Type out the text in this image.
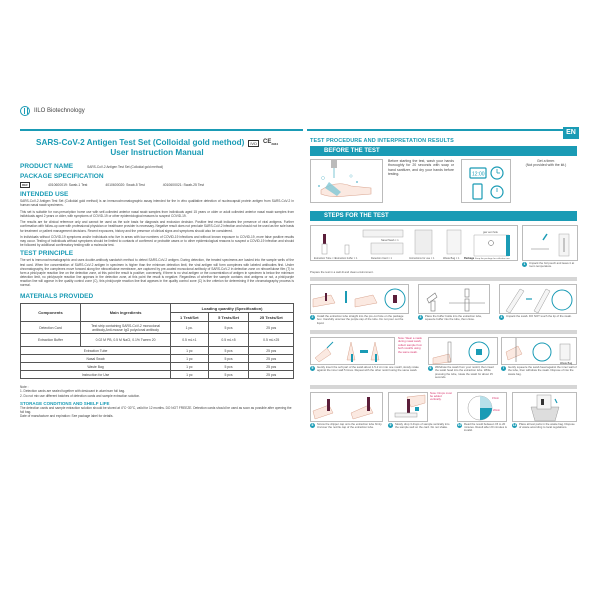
IILO Biotechnology
EN
SARS-CoV-2 Antigen Test Set (Colloidal gold method)	IVD	$CE_{2934}$
User Instruction Manual
PRODUCT NAME	SARS-CoV-2 Antigen Test Set (Colloidal gold method)
PACKAGE SPECIFICATION
REF	4010600019: Swab-1 Test	4010600020: Swab-5 Test	4010600021: Swab-25 Test
INTENDED USE

SARS-CoV-2 Antigen Test Set (Colloidal gold method) is an immunochromatographic assay intended for the in vitro qualitative detection of nucleocapsid protein antigen from SARS-CoV-2 in human nasal swab specimens.

This set is suitable for non-prescription home use with self-collected anterior nasal swab samples from individuals aged 15 years or older or adult collected anterior nasal swab samples from individuals aged 2 years or older, with symptoms of COVID-19 or other epidemiological reasons to suspect COVID-19.

The results are for clinical reference only and cannot be used as the sole basis for diagnosis and exclusion decision. Positive test result indicates the presence of viral antigens. Further confirmation with follow-up care with professional physician or healthcare provider is necessary. Negative result does not preclude SARS-CoV-2 infection and should not be used as the sole basis for treatment or patient management decisions. Recent exposures, history and the presence of clinical signs and symptoms should also be considered.

In individuals without COVID-19 symptoms and/or individuals who live in areas with low numbers of COVID-19 infections and without known exposure to COVID-19, more false positive results may occur. Testing of individuals without symptoms should be limited to contacts of confirmed or probable cases or to other epidemiological reasons to suspect a COVID-19 infection and should be followed by additional confirmatory testing with a molecular test.

TEST PRINCIPLE

The set is immunochromatographic and uses double-antibody sandwich method to detect SARS-CoV-2 antigen. During detection, the treated specimens are loaded into the sample wells of the test card. When the concentration of SARS-CoV-2 antigen in specimen is higher than the minimum detection limit, the viral antigen will form complexes with labeled antibodies first. Under chromatography, the complexes move forward along the nitrocellulose membrane, are captured by pre-coated monoclonal antibody of SARS-CoV-2 in detection zone on nitrocellulose film (T) to form a pink/purple reaction line on the detection zone, at this point the result is positive; conversely, if there is no viral antigen or the concentration of antigen in specimen is below the minimum detection limit, no pink/purple reaction line appears in the detection zone, at this point the result is negative. Regardless of whether the sample contains viral antigens or not, a pink/purple reaction line will appear in the quality control zone (C), this pink/purple reaction line that appears in the quality control zone (C) is the criterion for determining if the chromatography process is normal.

MATERIALS PROVIDED
Components	Main Ingredients	Loading quantity (Specification)		
		1 Test/Set	5 Tests/Set	25 Tests/Set
Detection Card	Test strip containing SARS-CoV-2 monoclonal antibody,Anti-mouse IgG polyclonal antibody	1 pc.	5 pcs	25 pcs
Extraction Buffer	0.02 M PB, 0.5 M NaCl, 0.1% Tween 20	0.5 mL×1	0.5 mL×5	0.5 mL×25
Extraction Tube		1 pc	5 pcs	25 pcs
Nasal Swab		1 pc	5 pcs	25 pcs
Waste Bag		1 pc	5 pcs	25 pcs
Instruction for Use		1 pc	5 pcs	25 pcs
Note :
1. Detection cards are sealed together with desiccant in aluminum foil bag.
2. Do not mix use different batches of detection cards and sample extraction solution.
STORAGE CONDITIONS AND SHELF LIFE
The detection cards and sample extraction solution should be stored at 4°C~30°C, valid for 12 months. DO NOT FREEZE. Detection cards should be used as soon as possible after opening the foil bag.
Date of manufacture and expiration: See package label for details.
TEST PROCEDURE AND INTERPRETATION RESULTS
BEFORE THE TEST
Before starting the test, wash your hands thoroughly for 20 seconds with soap or hand sanitizer, and dry your hands before testing.	12:00
Get a timer.
(Not provided with the kit.)
STEPS FOR THE TEST
Extraction Tube × 1 Extraction buffer × 1	Detection Card × 1
Nasal Swab × 1
Instructions for use × 1	Waste Bag × 1 Package Keep the package for collection use
gas vent hole
1	Unpack the foil pouch and leave it at room temperature.
Prepare the test in a well-lit and clean environment.
2	Install the extraction tube straight into the pre-cut hole on the package box. Carefully unscrew the purple cap of the tube. Do not pour out the liquid.
3	Place the buffer bottle into the extraction tube, squeeze buffer into the tube, then close.
4	Unpack the swab. DO NOT touch the tip of the swab.
Note: Wear a mask during nasal swab; collect sample from both nostrils using the same swab.
5	Gently insert the soft part of the swab about 1.5-2 cm into one nostril, slowly rotate against the inner wall 5 times. Repeat with the other nostril using the same swab.
6	Withdraw the swab from your nostril, then insert the swab head into the extraction tube. While pressing the tube, rotate the swab for about 15 seconds.
Waste Bag
7	Gently squeeze the swab head against the inner wall of the tube, then withdraw the swab. Dispose of into the waste bag.
8	Screw the dripper cap onto the extraction tube firmly. Uncover the nozzle cap of the extraction tube.
Note: Drops must be added vertically.
9	Slowly drop 3 drops of sample vertically into the sample well on the card. Do not shake.
15min
20min
10 Read the result between 15 to 20 minutes. Result after 20 minutes is invalid.
11 Place all test parts in the waste bag. Dispose of waste according to local regulations.
